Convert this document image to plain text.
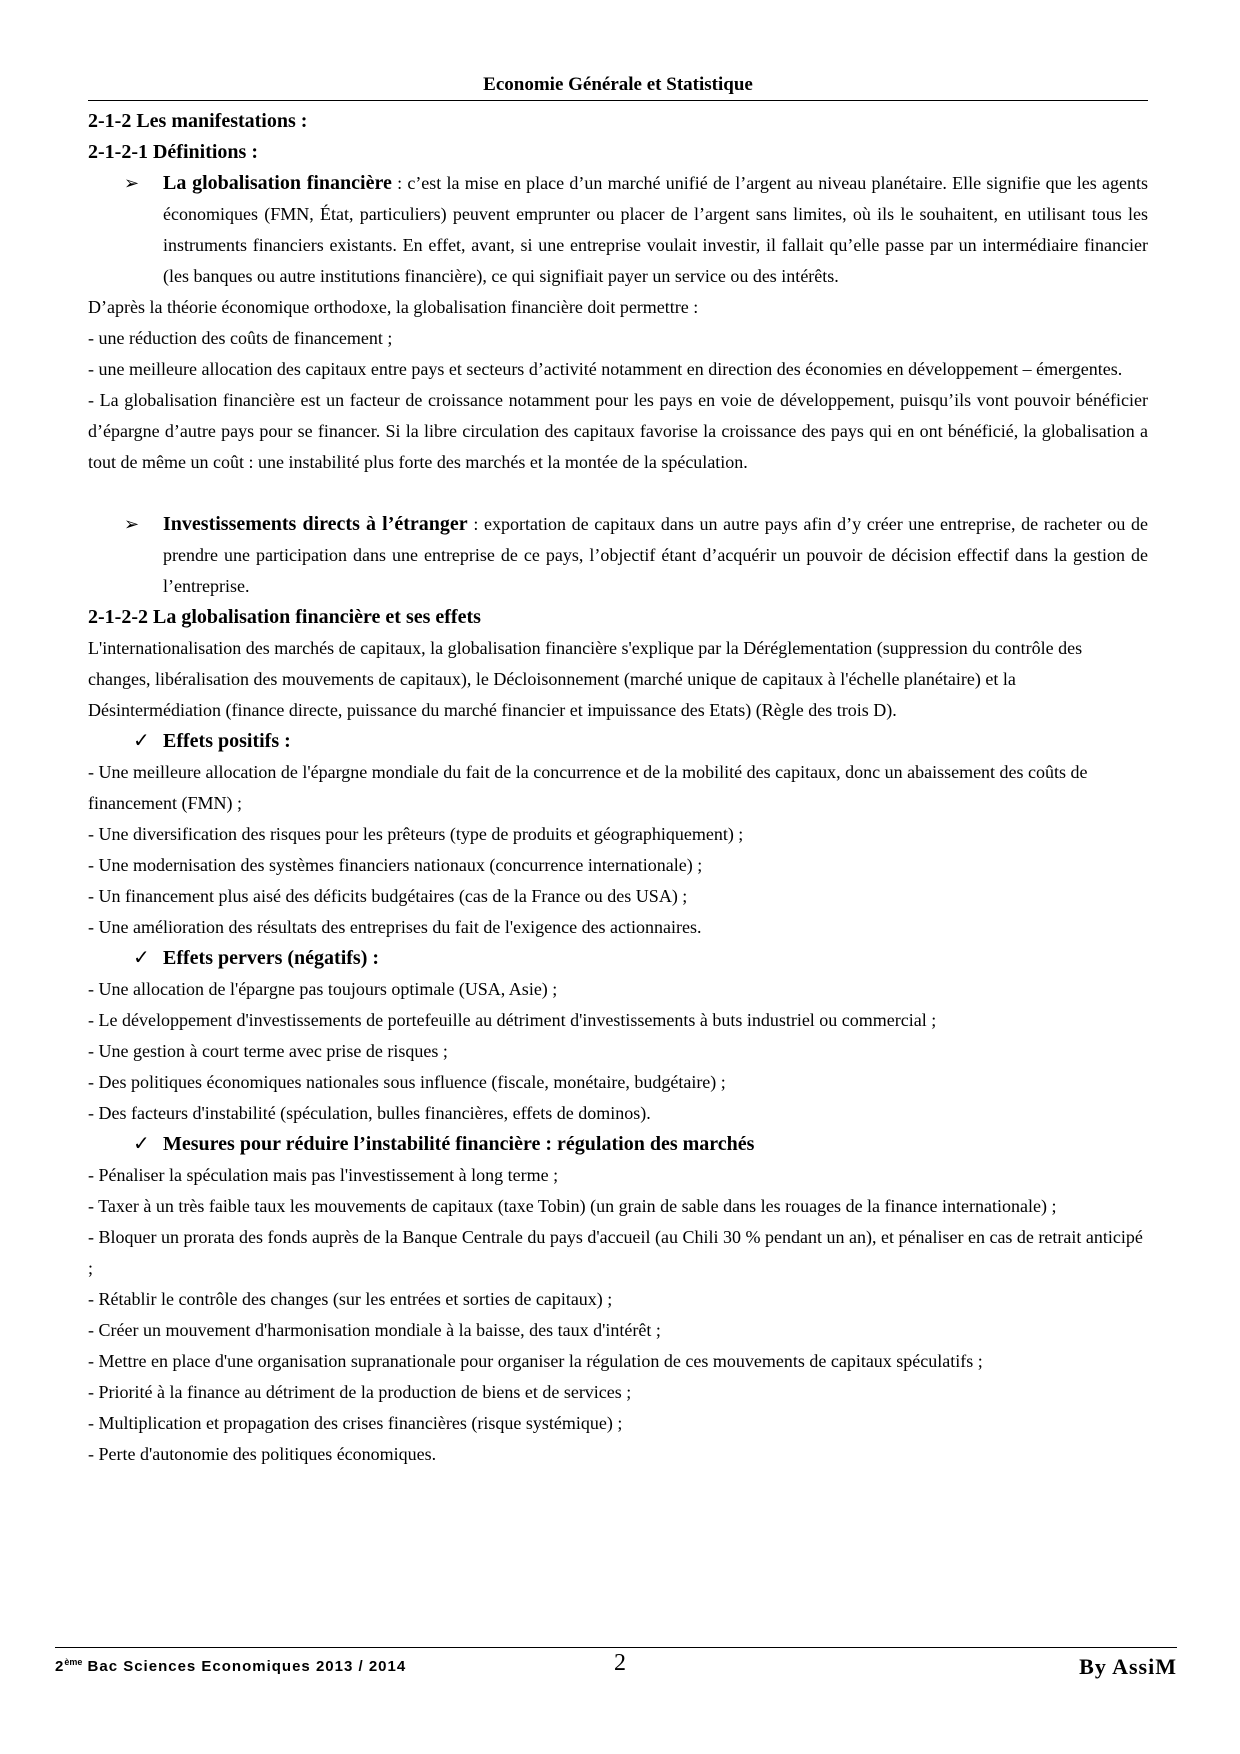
Economie Générale et Statistique

2-1-2 Les manifestations :

2-1-2-1 Définitions :

➢ La globalisation financière : c’est la mise en place d’un marché unifié de l’argent au niveau planétaire. Elle signifie que les agents économiques (FMN, État, particuliers) peuvent emprunter ou placer de l’argent sans limites, où ils le souhaitent, en utilisant tous les instruments financiers existants. En effet, avant, si une entreprise voulait investir, il fallait qu’elle passe par un intermédiaire financier (les banques ou autre institutions financière), ce qui signifiait payer un service ou des intérêts.

D’après la théorie économique orthodoxe, la globalisation financière doit permettre :

- une réduction des coûts de financement ;

- une meilleure allocation des capitaux entre pays et secteurs d’activité notamment en direction des économies en développement – émergentes.

- La globalisation financière est un facteur de croissance notamment pour les pays en voie de développement, puisqu’ils vont pouvoir bénéficier d’épargne d’autre pays pour se financer. Si la libre circulation des capitaux favorise la croissance des pays qui en ont bénéficié, la globalisation a tout de même un coût : une instabilité plus forte des marchés et la montée de la spéculation.

➢ Investissements directs à l’étranger : exportation de capitaux dans un autre pays afin d’y créer une entreprise, de racheter ou de prendre une participation dans une entreprise de ce pays, l’objectif étant d’acquérir un pouvoir de décision effectif dans la gestion de l’entreprise.

2-1-2-2 La globalisation financière et ses effets

L'internationalisation des marchés de capitaux, la globalisation financière s'explique par la Déréglementation (suppression du contrôle des changes, libéralisation des mouvements de capitaux), le Décloisonnement (marché unique de capitaux à l'échelle planétaire) et la Désintermédiation (finance directe, puissance du marché financier et impuissance des Etats) (Règle des trois D).

✓ Effets positifs :

- Une meilleure allocation de l'épargne mondiale du fait de la concurrence et de la mobilité des capitaux, donc un abaissement des coûts de financement (FMN) ;

- Une diversification des risques pour les prêteurs (type de produits et géographiquement) ;

- Une modernisation des systèmes financiers nationaux (concurrence internationale) ;

- Un financement plus aisé des déficits budgétaires (cas de la France ou des USA) ;

- Une amélioration des résultats des entreprises du fait de l'exigence des actionnaires.

✓ Effets pervers (négatifs) :

- Une allocation de l'épargne pas toujours optimale (USA, Asie) ;

- Le développement d'investissements de portefeuille au détriment d'investissements à buts industriel ou commercial ;

- Une gestion à court terme avec prise de risques ;

- Des politiques économiques nationales sous influence (fiscale, monétaire, budgétaire) ;

- Des facteurs d'instabilité (spéculation, bulles financières, effets de dominos).

✓ Mesures pour réduire l’instabilité financière : régulation des marchés

- Pénaliser la spéculation mais pas l'investissement à long terme ;

- Taxer à un très faible taux les mouvements de capitaux (taxe Tobin) (un grain de sable dans les rouages de la finance internationale) ;

- Bloquer un prorata des fonds auprès de la Banque Centrale du pays d'accueil (au Chili 30 % pendant un an), et pénaliser en cas de retrait anticipé ;

- Rétablir le contrôle des changes (sur les entrées et sorties de capitaux) ;

- Créer un mouvement d'harmonisation mondiale à la baisse, des taux d'intérêt ;

- Mettre en place d'une organisation supranationale pour organiser la régulation de ces mouvements de capitaux spéculatifs ;

- Priorité à la finance au détriment de la production de biens et de services ;

- Multiplication et propagation des crises financières (risque systémique) ;

- Perte d'autonomie des politiques économiques.

2ème Bac Sciences Economiques 2013 / 2014	2	By AssiM
